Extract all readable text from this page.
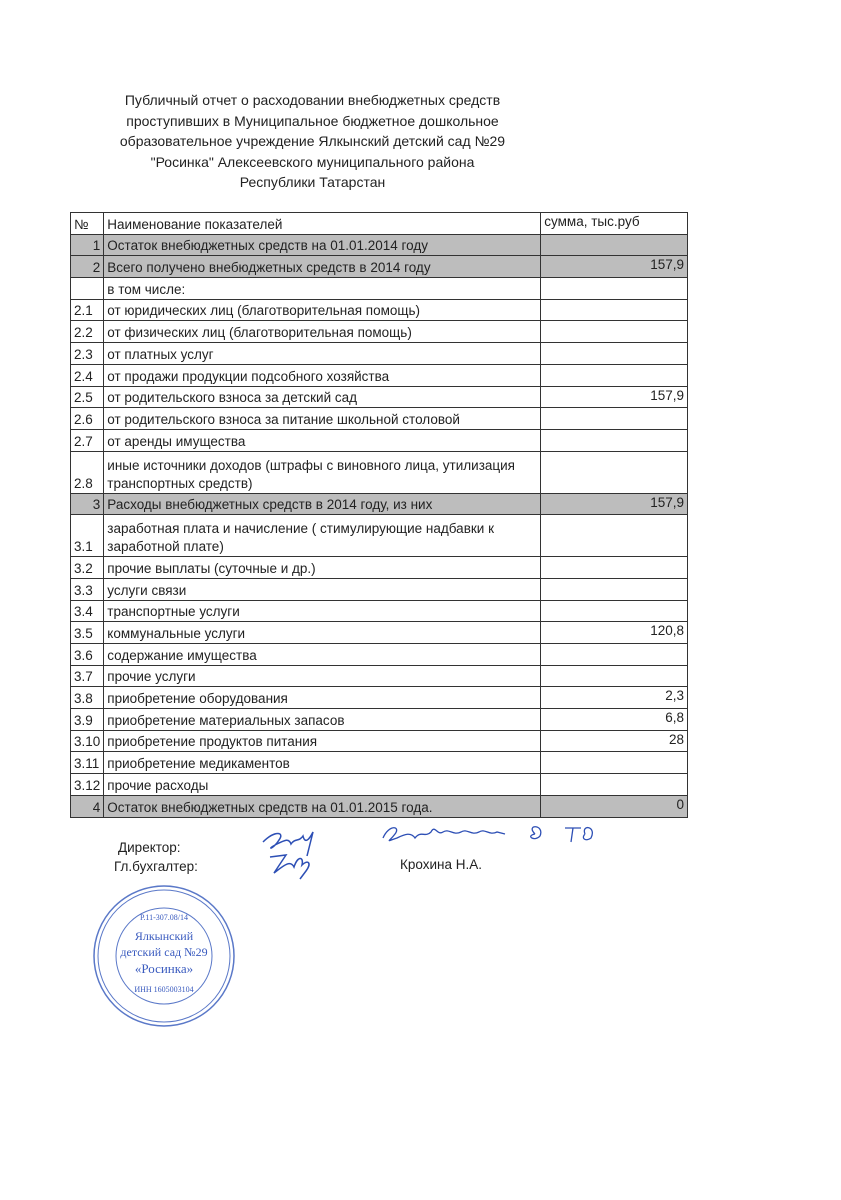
Публичный отчет о расходовании внебюджетных средств
проступивших в Муниципальное бюджетное дошкольное
образовательное учреждение Ялкынский детский сад №29
"Росинка" Алексеевского муниципального района
Республики Татарстан
№	Наименование показателей	сумма, тыс.руб
1	Остаток внебюджетных средств на 01.01.2014 году	
2	Всего получено внебюджетных средств в 2014 году	157,9
	в том числе:	
2.1	от юридических лиц (благотворительная помощь)	
2.2	от физических лиц (благотворительная помощь)	
2.3	от платных услуг	
2.4	от продажи продукции подсобного хозяйства	
2.5	от родительского взноса за детский сад	157,9
2.6	от родительского взноса за питание школьной столовой	
2.7	от аренды имущества	
2.8	иные источники доходов (штрафы с виновного лица, утилизация транспортных средств)	
3	Расходы внебюджетных средств в 2014 году, из них	157,9
3.1	заработная плата и начисление ( стимулирующие надбавки к заработной плате)	
3.2	прочие выплаты (суточные и др.)	
3.3	услуги связи	
3.4	транспортные услуги	
3.5	коммунальные услуги	120,8
3.6	содержание имущества	
3.7	прочие услуги	
3.8	приобретение оборудования	2,3
3.9	приобретение материальных запасов	6,8
3.10	приобретение продуктов питания	28
3.11	приобретение медикаментов	
3.12	прочие расходы	
4	Остаток внебюджетных средств на 01.01.2015 года.	0
Директор:
Гл.бухгалтер:	Крохина Н.А.
Р.11-307.08/14
Ялкынский
детский сад №29
«Росинка»
ИНН 1605003104
